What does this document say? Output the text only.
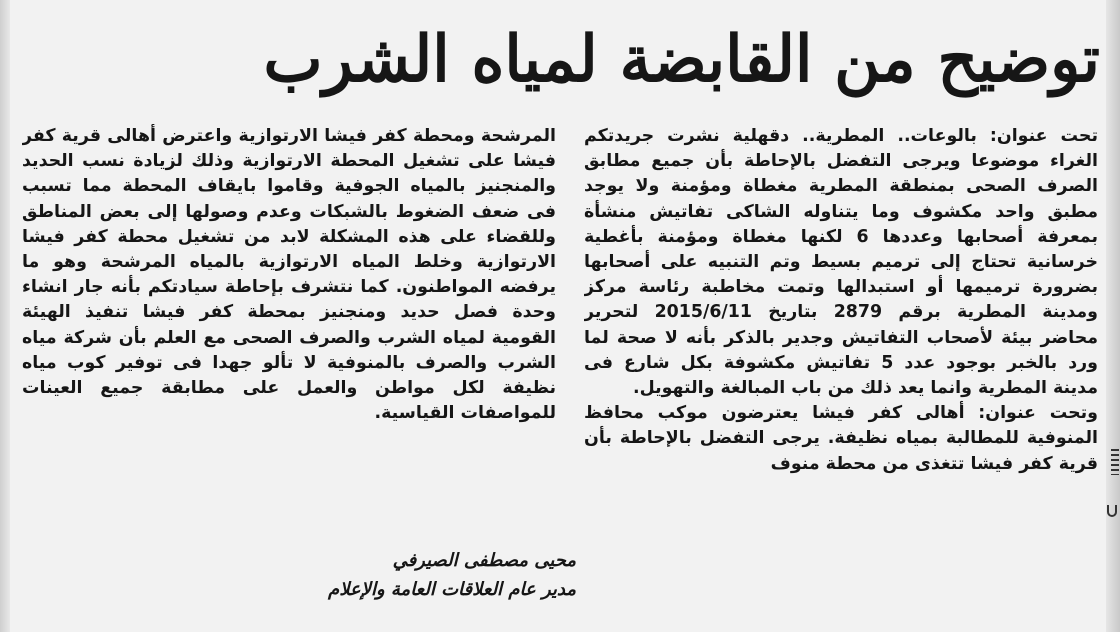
توضيح من القابضة لمياه الشرب

تحت عنوان: بالوعات.. المطرية.. دقهلية نشرت جريدتكم الغراء موضوعا ويرجى التفضل بالإحاطة بأن جميع مطابق الصرف الصحى بمنطقة المطرية مغطاة ومؤمنة ولا يوجد مطبق واحد مكشوف وما يتناوله الشاكى تفاتيش منشأة بمعرفة أصحابها وعددها 6 لكنها مغطاة ومؤمنة بأغطية خرسانية تحتاج إلى ترميم بسيط وتم التنبيه على أصحابها بضرورة ترميمها أو استبدالها وتمت مخاطبة رئاسة مركز ومدينة المطرية برقم 2879 بتاريخ 2015/6/11 لتحرير محاضر بيئة لأصحاب التفاتيش وجدير بالذكر بأنه لا صحة لما ورد بالخبر بوجود عدد 5 تفاتيش مكشوفة بكل شارع فى مدينة المطرية وانما يعد ذلك من باب المبالغة والتهويل.

وتحت عنوان: أهالى كفر فيشا يعترضون موكب محافظ المنوفية للمطالبة بمياه نظيفة. يرجى التفضل بالإحاطة بأن قرية كفر فيشا تتغذى من محطة منوف

المرشحة ومحطة كفر فيشا الارتوازية واعترض أهالى قرية كفر فيشا على تشغيل المحطة الارتوازية وذلك لزيادة نسب الحديد والمنجنيز بالمياه الجوفية وقاموا بايقاف المحطة مما تسبب فى ضعف الضغوط بالشبكات وعدم وصولها إلى بعض المناطق وللقضاء على هذه المشكلة لابد من تشغيل محطة كفر فيشا الارتوازية وخلط المياه الارتوازية بالمياه المرشحة وهو ما يرفضه المواطنون. كما نتشرف بإحاطة سيادتكم بأنه جار انشاء وحدة فصل حديد ومنجنيز بمحطة كفر فيشا تنفيذ الهيئة القومية لمياه الشرب والصرف الصحى مع العلم بأن شركة مياه الشرب والصرف بالمنوفية لا تألو جهدا فى توفير كوب مياه نظيفة لكل مواطن والعمل على مطابقة جميع العينات للمواصفات القياسية.

محيى مصطفى الصيرفي
مدير عام العلاقات العامة والإعلام
